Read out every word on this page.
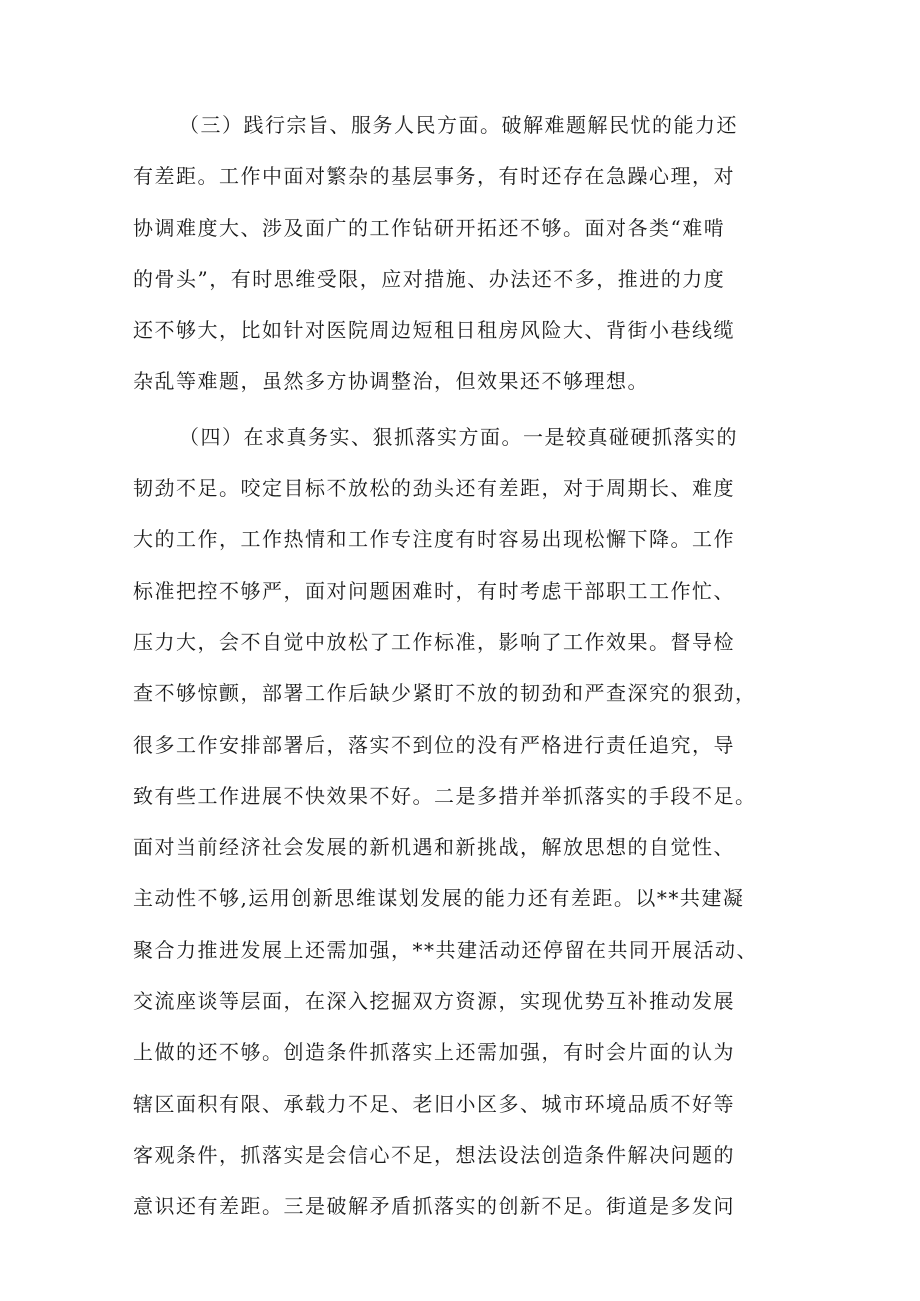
（三）践行宗旨、服务人民方面。破解难题解民忧的能力还
有差距。工作中面对繁杂的基层事务，有时还存在急躁心理，对
协调难度大、涉及面广的工作钻研开拓还不够。面对各类“难啃
的骨头”，有时思维受限，应对措施、办法还不多，推进的力度
还不够大，比如针对医院周边短租日租房风险大、背街小巷线缆
杂乱等难题，虽然多方协调整治，但效果还不够理想。
（四）在求真务实、狠抓落实方面。一是较真碰硬抓落实的
韧劲不足。咬定目标不放松的劲头还有差距，对于周期长、难度
大的工作，工作热情和工作专注度有时容易出现松懈下降。工作
标准把控不够严，面对问题困难时，有时考虑干部职工工作忙、
压力大，会不自觉中放松了工作标准，影响了工作效果。督导检
查不够惊颤，部署工作后缺少紧盯不放的韧劲和严查深究的狠劲，
很多工作安排部署后，落实不到位的没有严格进行责任追究，导
致有些工作进展不快效果不好。二是多措并举抓落实的手段不足。
面对当前经济社会发展的新机遇和新挑战，解放思想的自觉性、
主动性不够,运用创新思维谋划发展的能力还有差距。以**共建凝
聚合力推进发展上还需加强，**共建活动还停留在共同开展活动、
交流座谈等层面，在深入挖掘双方资源，实现优势互补推动发展
上做的还不够。创造条件抓落实上还需加强，有时会片面的认为
辖区面积有限、承载力不足、老旧小区多、城市环境品质不好等
客观条件，抓落实是会信心不足，想法设法创造条件解决问题的
意识还有差距。三是破解矛盾抓落实的创新不足。街道是多发问
